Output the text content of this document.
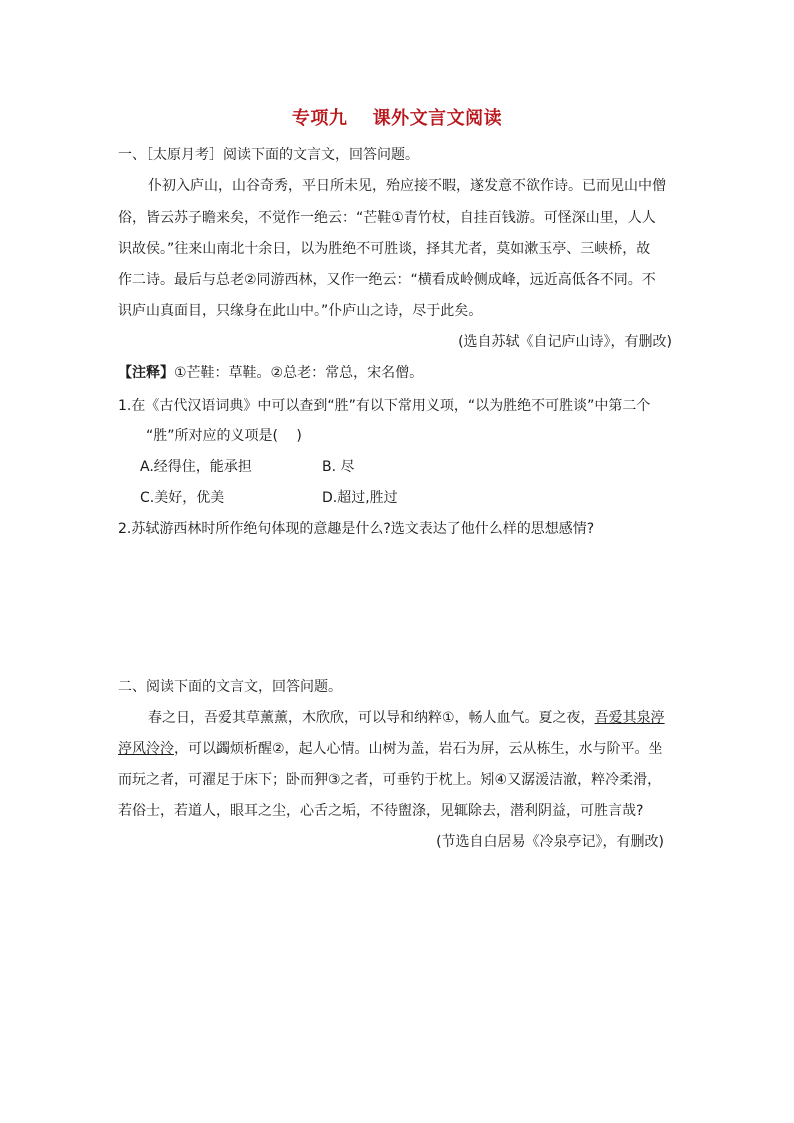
专项九　 课外文言文阅读
一、［太原月考］阅读下面的文言文，回答问题。
仆初入庐山，山谷奇秀，平日所未见，殆应接不暇，遂发意不欲作诗。已而见山中僧
俗，皆云苏子瞻来矣，不觉作一绝云：“芒鞋①青竹杖，自挂百钱游。可怪深山里，人人
识故侯。”往来山南北十余日，以为胜绝不可胜谈，择其尤者，莫如漱玉亭、三峡桥，故
作二诗。最后与总老②同游西林，又作一绝云：“横看成岭侧成峰，远近高低各不同。不
识庐山真面目，只缘身在此山中。”仆庐山之诗，尽于此矣。
(选自苏轼《自记庐山诗》，有删改)
【注释】①芒鞋：草鞋。②总老：常总，宋名僧。
1.在《古代汉语词典》中可以查到“胜”有以下常用义项，“以为胜绝不可胜谈”中第二个
“胜”所对应的义项是(　 )
A.经得住，能承担	B. 尽
C.美好，优美	D.超过,胜过
2.苏轼游西林时所作绝句体现的意趣是什么?选文表达了他什么样的思想感情?
二、阅读下面的文言文，回答问题。
春之日，吾爱其草薰薰，木欣欣，可以导和纳粹①，畅人血气。夏之夜，吾爱其泉渟
渟风泠泠，可以蠲烦析醒②，起人心情。山树为盖，岩石为屏，云从栋生，水与阶平。坐
而玩之者，可濯足于床下；卧而狎③之者，可垂钓于枕上。矧④又潺湲洁澈，粹冷柔滑，
若俗士，若道人，眼耳之尘，心舌之垢，不待盥涤，见辄除去，潜利阴益，可胜言哉?
(节选自白居易《冷泉亭记》，有删改)
